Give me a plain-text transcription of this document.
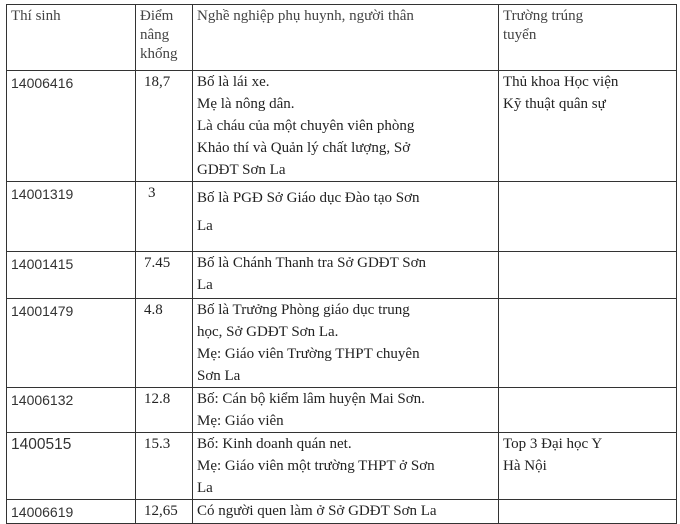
Thí sinh	Điểm
nâng
khống	Nghề nghiệp phụ huynh, người thân	Trường trúng
tuyển

14006416	18,7	Bố là lái xe.
Mẹ là nông dân.
Là cháu của một chuyên viên phòng
Khảo thí và Quản lý chất lượng, Sở
GDĐT Sơn La	Thủ khoa Học viện
Kỹ thuật quân sự

14001319	3	Bố là PGĐ Sở Giáo dục Đào tạo Sơn
La	

14001415	7.45	Bố là Chánh Thanh tra Sở GDĐT Sơn
La	

14001479	4.8	Bố là Trưởng Phòng giáo dục trung
học, Sở GDĐT Sơn La.
Mẹ: Giáo viên Trường THPT chuyên
Sơn La	

14006132	12.8	Bố: Cán bộ kiểm lâm huyện Mai Sơn.
Mẹ: Giáo viên	

1400515	15.3	Bố: Kinh doanh quán net.
Mẹ: Giáo viên một trường THPT ở Sơn
La	Top 3 Đại học Y
Hà Nội

14006619	12,65	Có người quen làm ở Sở GDĐT Sơn La	
